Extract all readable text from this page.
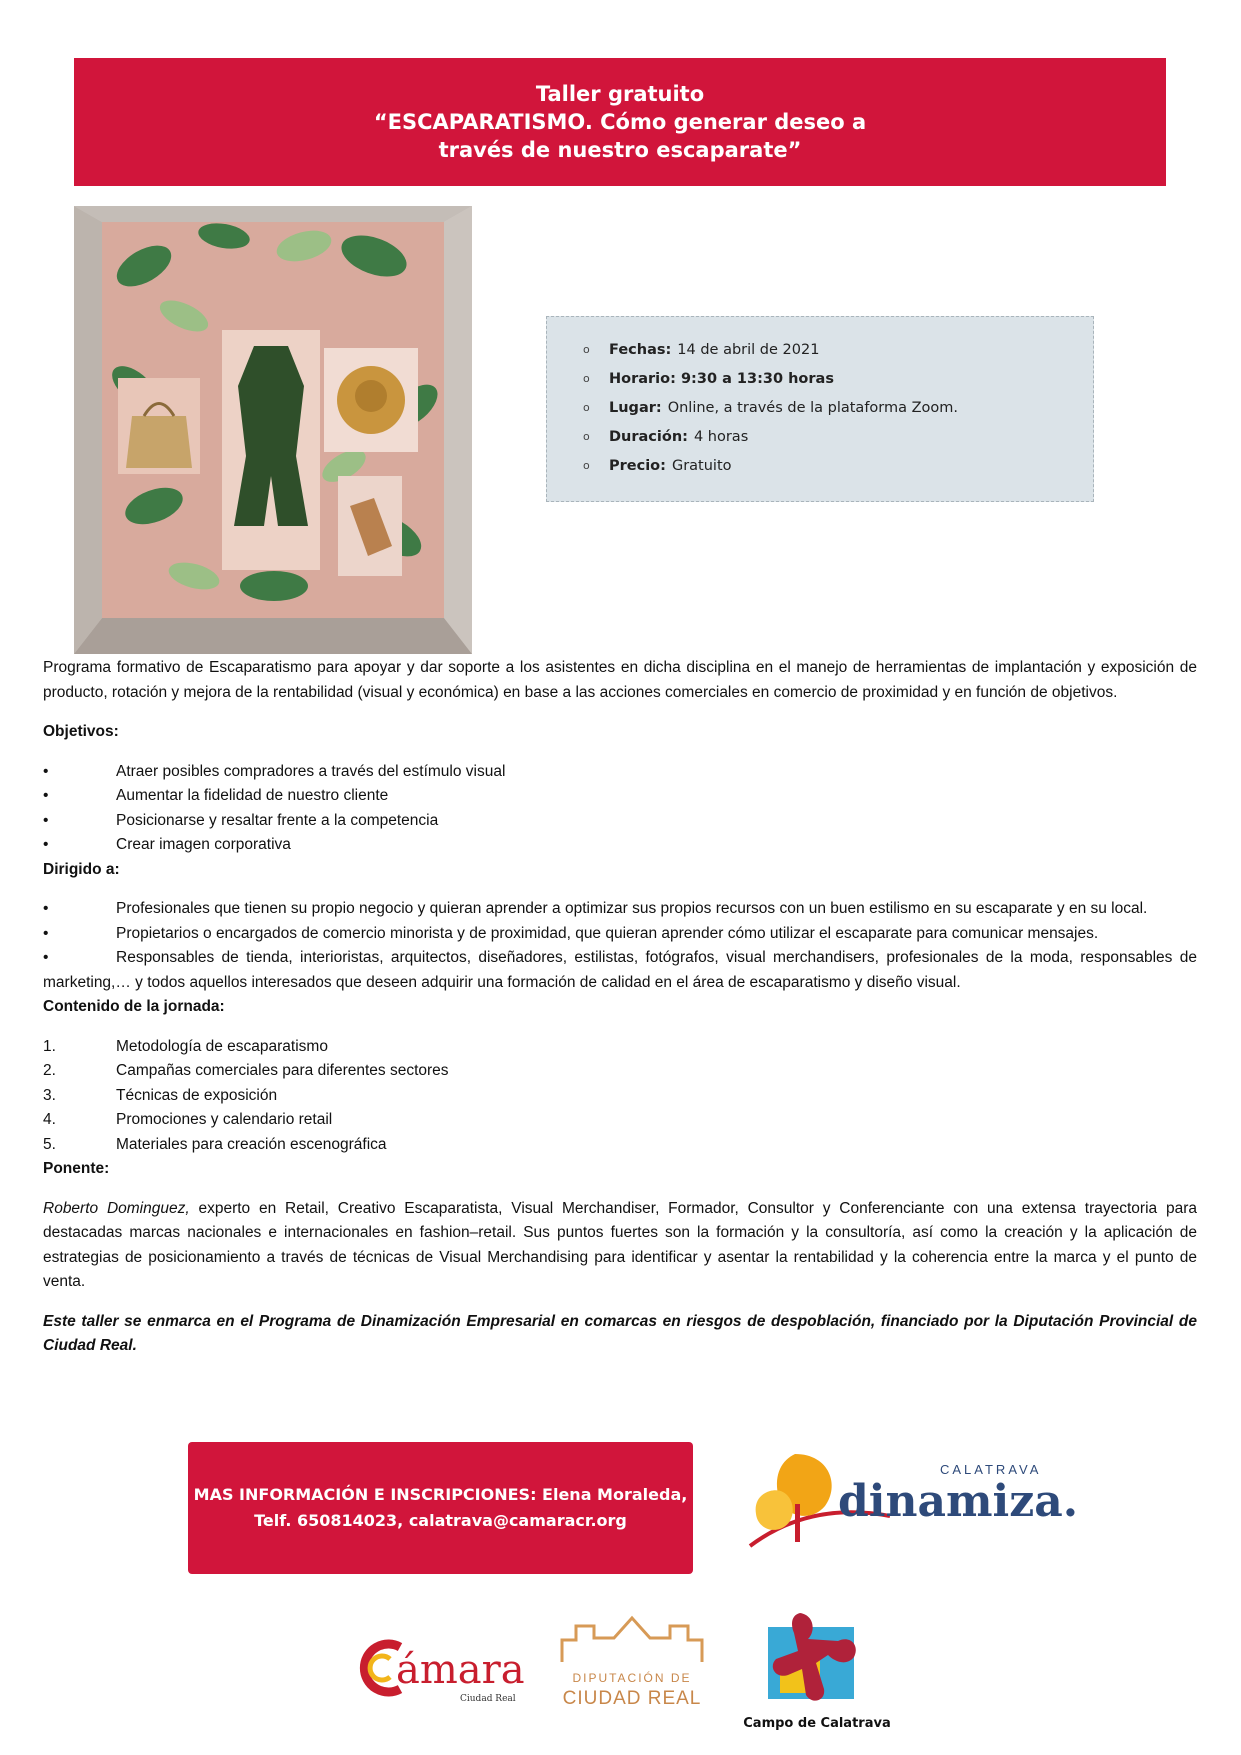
Taller gratuito
“ESCAPARATISMO. Cómo generar deseo a
través de nuestro escaparate”
o	Fechas: 14 de abril de 2021
o	Horario: 9:30 a 13:30 horas
o	Lugar: Online, a través de la plataforma Zoom.
o	Duración: 4 horas
o	Precio: Gratuito

Programa formativo de Escaparatismo para apoyar y dar soporte a los asistentes en dicha disciplina en el manejo de herramientas de implantación y exposición de producto, rotación y mejora de la rentabilidad (visual y económica) en base a las acciones comerciales en comercio de proximidad y en función de objetivos.

Objetivos:
•	Atraer posibles compradores a través del estímulo visual
•	Aumentar la fidelidad de nuestro cliente
•	Posicionarse y resaltar frente a la competencia
•	Crear imagen corporativa
Dirigido a:
•	Profesionales que tienen su propio negocio y quieran aprender a optimizar sus propios recursos con un buen estilismo en su escaparate y en su local.
•	Propietarios o encargados de comercio minorista y de proximidad, que quieran aprender cómo utilizar el escaparate para comunicar mensajes.
•	Responsables de tienda, interioristas, arquitectos, diseñadores, estilistas, fotógrafos, visual merchandisers, profesionales de la moda, responsables de marketing,… y todos aquellos interesados que deseen adquirir una formación de calidad en el área de escaparatismo y diseño visual.
Contenido de la jornada:
1.	Metodología de escaparatismo
2.	Campañas comerciales para diferentes sectores
3.	Técnicas de exposición
4.	Promociones y calendario retail
5.	Materiales para creación escenográfica
Ponente:

Roberto Dominguez, experto en Retail, Creativo Escaparatista, Visual Merchandiser, Formador, Consultor y Conferenciante con una extensa trayectoria para destacadas marcas nacionales e internacionales en fashion–retail. Sus puntos fuertes son la formación y la consultoría, así como la creación y la aplicación de estrategias de posicionamiento a través de técnicas de Visual Merchandising para identificar y asentar la rentabilidad y la coherencia entre la marca y el punto de venta.

Este taller se enmarca en el Programa de Dinamización Empresarial en comarcas en riesgos de despoblación, financiado por la Diputación Provincial de Ciudad Real.

MAS INFORMACIÓN E INSCRIPCIONES: Elena Moraleda,
Telf. 650814023, calatrava@camaracr.org
CALATRAVA
dinamiza.
ámara
Ciudad Real
DIPUTACIÓN DE
CIUDAD REAL
Campo de Calatrava
